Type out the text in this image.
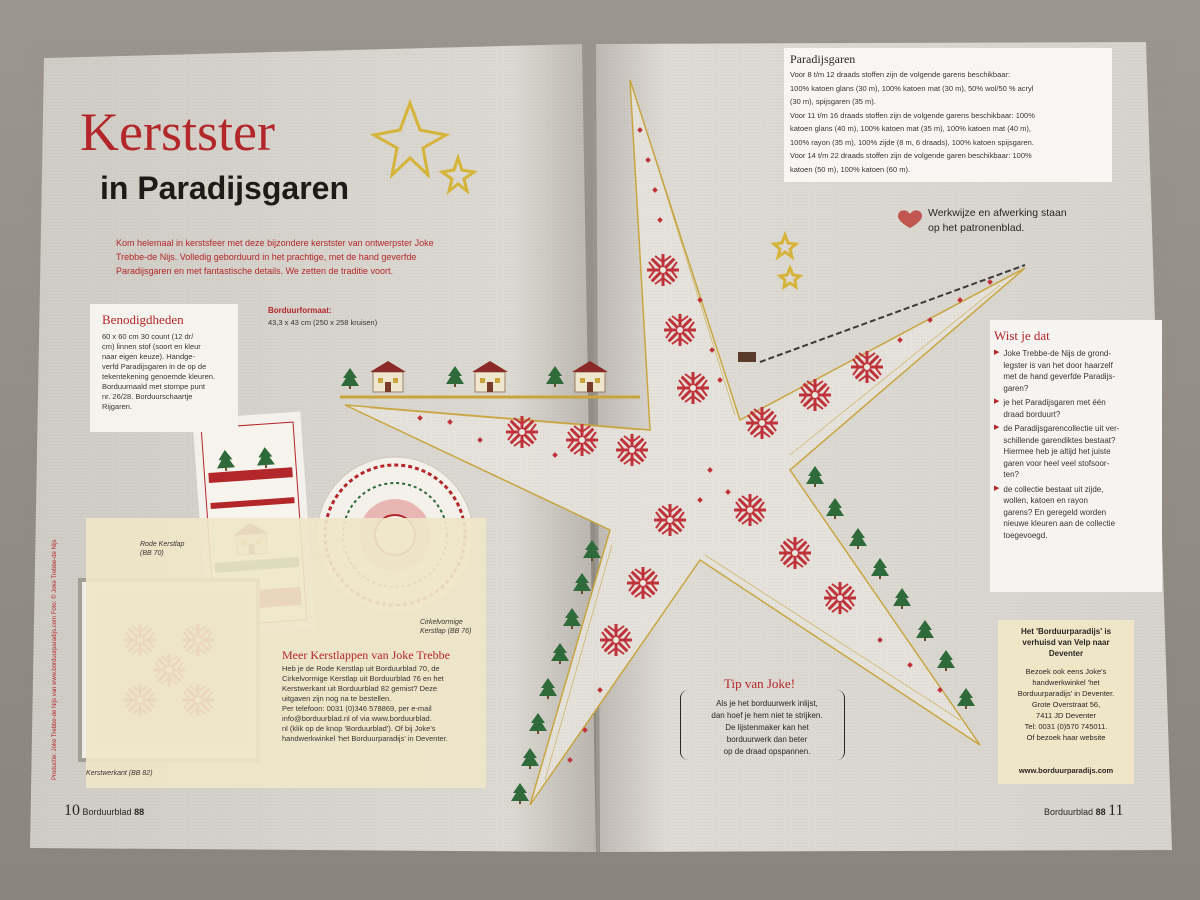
Kerstster
in Paradijsgaren
Kom helemaal in kerstsfeer met deze bijzondere kerstster van ontwerpster Joke
Trebbe-de Nijs. Volledig geborduurd in het prachtige, met de hand geverfde
Paradijsgaren en met fantastische details. We zetten de traditie voort.
Benodigdheden
60 x 60 cm 30 count (12 dr/
cm) linnen stof (soort en kleur
naar eigen keuze). Handge-
verfd Paradijsgaren in de op de
tekentekening genoemde kleuren.
Borduurnaald met stompe punt
nr. 26/28. Borduurschaartje
Rijgaren.
Borduurformaat:
43,3 x 43 cm (250 x 258 kruisen)
Rode Kerstlap
(BB 70)
Cirkelvormige
Kerstlap (BB 76)
Kerstwerkant (BB 82)
Meer Kerstlappen van Joke Trebbe
Heb je de Rode Kerstlap uit Borduurblad 70, de
Cirkelvormige Kerstlap uit Borduurblad 76 en het
Kerstwerkant uit Borduurblad 82 gemist? Deze
uitgaven zijn nog na te bestellen.
Per telefoon: 0031 (0)346 578869, per e-mail
info@borduurblad.nl of via www.borduurblad.
nl (klik op de knop 'Borduurblad'). Of bij Joke's
handwerkwinkel 'het Borduurparadijs' in Deventer.
Productie: Joke Trebbe-de Nijs van www.borduurparadijs.com Foto: © Joke Trebbe-de Nijs
10 Borduurblad 88
Paradijsgaren
Voor 8 t/m 12 draads stoffen zijn de volgende garens beschikbaar:
100% katoen glans (30 m), 100% katoen mat (30 m), 50% wol/50 % acryl
(30 m), spijsgaren (35 m).
Voor 11 t/m 16 draads stoffen zijn de volgende garens beschikbaar: 100%
katoen glans (40 m), 100% katoen mat (35 m), 100% katoen mat (40 m),
100% rayon (35 m), 100% zijde (8 m, 6 draads), 100% katoen spijsgaren.
Voor 14 t/m 22 draads stoffen zijn de volgende garen beschikbaar: 100%
katoen (50 m), 100% katoen (60 m).
Werkwijze en afwerking staan
op het patronenblad.
Wist je dat
▶ Joke Trebbe-de Nijs de grond-
legster is van het door haarzelf
met de hand geverfde Paradijs-
garen?
▶ je het Paradijsgaren met één
draad borduurt?
▶ de Paradijsgarencollectie uit ver-
schillende garendiktes bestaat?
Hiermee heb je altijd het juiste
garen voor heel veel stofsoor-
ten?
▶ de collectie bestaat uit zijde,
wollen, katoen en rayon
garens? En geregeld worden
nieuwe kleuren aan de collectie
toegevoegd.
Tip van Joke!
Als je het borduurwerk inlijst,
dan hoef je hem niet te strijken.
De lijstenmaker kan het
borduurwerk dan beter
op de draad opspannen.
Het 'Borduurparadijs' is
verhuisd van Velp naar
Deventer
Bezoek ook eens Joke's
handwerkwinkel 'het
Borduurparadijs' in Deventer.
Grote Overstraat 56,
7411 JD Deventer
Tel: 0031 (0)570 745011.
Of bezoek haar website
www.borduurparadijs.com
Borduurblad 88 11
